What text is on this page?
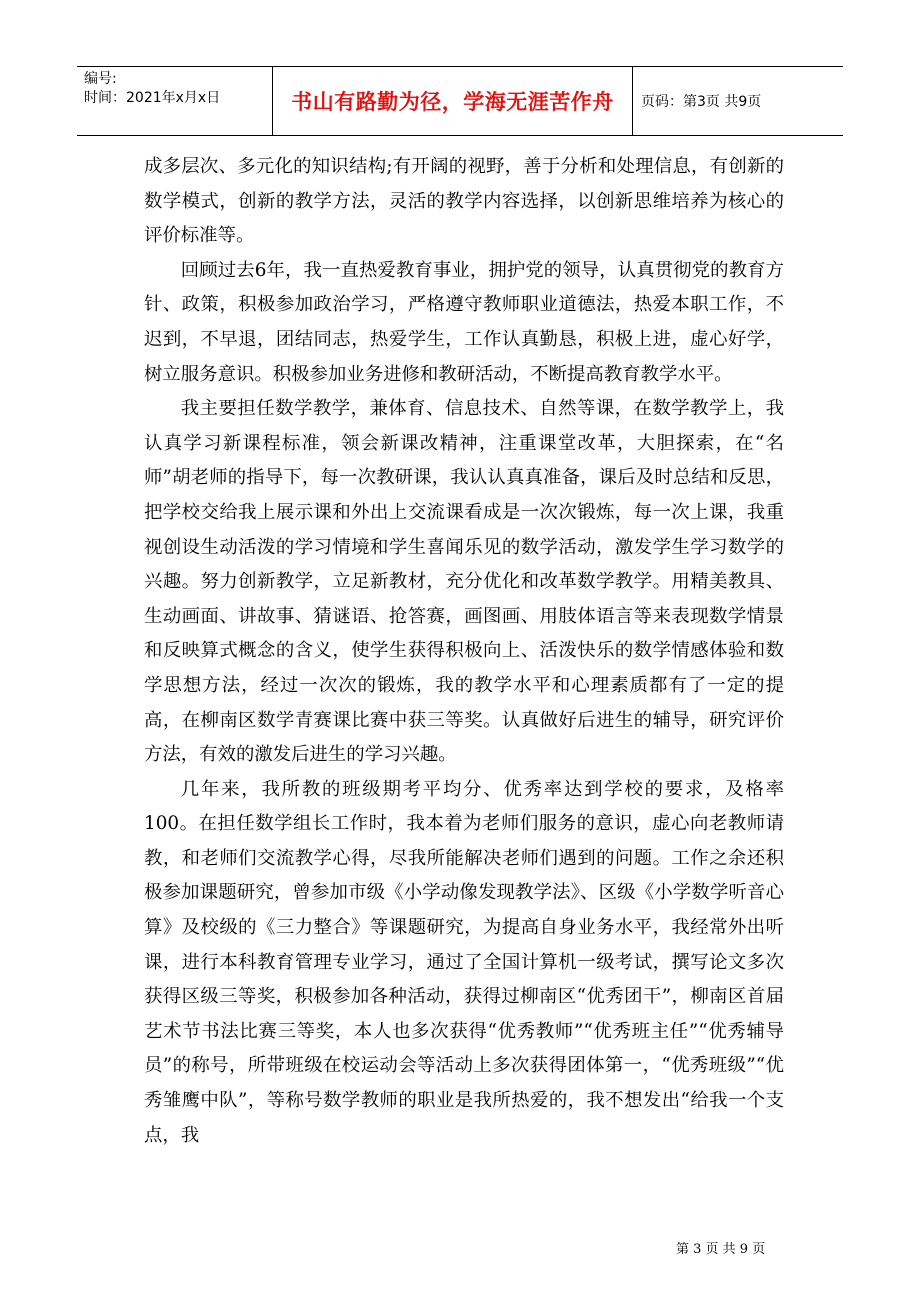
编号:
时间：2021年x月x日	书山有路勤为径，学海无涯苦作舟	页码：第3页 共9页

成多层次、多元化的知识结构;有开阔的视野，善于分析和处理信息，有创新的数学模式，创新的教学方法，灵活的教学内容选择，以创新思维培养为核心的评价标准等。

回顾过去6年，我一直热爱教育事业，拥护党的领导，认真贯彻党的教育方针、政策，积极参加政治学习，严格遵守教师职业道德法，热爱本职工作，不迟到，不早退，团结同志，热爱学生，工作认真勤恳，积极上进，虚心好学，树立服务意识。积极参加业务进修和教研活动，不断提高教育教学水平。

我主要担任数学教学，兼体育、信息技术、自然等课，在数学教学上，我认真学习新课程标准，领会新课改精神，注重课堂改革，大胆探索，在“名师”胡老师的指导下，每一次教研课，我认认真真准备，课后及时总结和反思，把学校交给我上展示课和外出上交流课看成是一次次锻炼，每一次上课，我重视创设生动活泼的学习情境和学生喜闻乐见的数学活动，激发学生学习数学的兴趣。努力创新教学，立足新教材，充分优化和改革数学教学。用精美教具、生动画面、讲故事、猜谜语、抢答赛，画图画、用肢体语言等来表现数学情景和反映算式概念的含义，使学生获得积极向上、活泼快乐的数学情感体验和数学思想方法，经过一次次的锻炼，我的教学水平和心理素质都有了一定的提高，在柳南区数学青赛课比赛中获三等奖。认真做好后进生的辅导，研究评价方法，有效的激发后进生的学习兴趣。

几年来，我所教的班级期考平均分、优秀率达到学校的要求，及格率100。在担任数学组长工作时，我本着为老师们服务的意识，虚心向老教师请教，和老师们交流教学心得，尽我所能解决老师们遇到的问题。工作之余还积极参加课题研究，曾参加市级《小学动像发现教学法》、区级《小学数学听音心算》及校级的《三力整合》等课题研究，为提高自身业务水平，我经常外出听课，进行本科教育管理专业学习，通过了全国计算机一级考试，撰写论文多次获得区级三等奖，积极参加各种活动，获得过柳南区“优秀团干”，柳南区首届艺术节书法比赛三等奖，本人也多次获得“优秀教师”“优秀班主任”“优秀辅导员”的称号，所带班级在校运动会等活动上多次获得团体第一，“优秀班级”“优秀雏鹰中队”，等称号数学教师的职业是我所热爱的，我不想发出“给我一个支点，我

第 3 页 共 9 页
